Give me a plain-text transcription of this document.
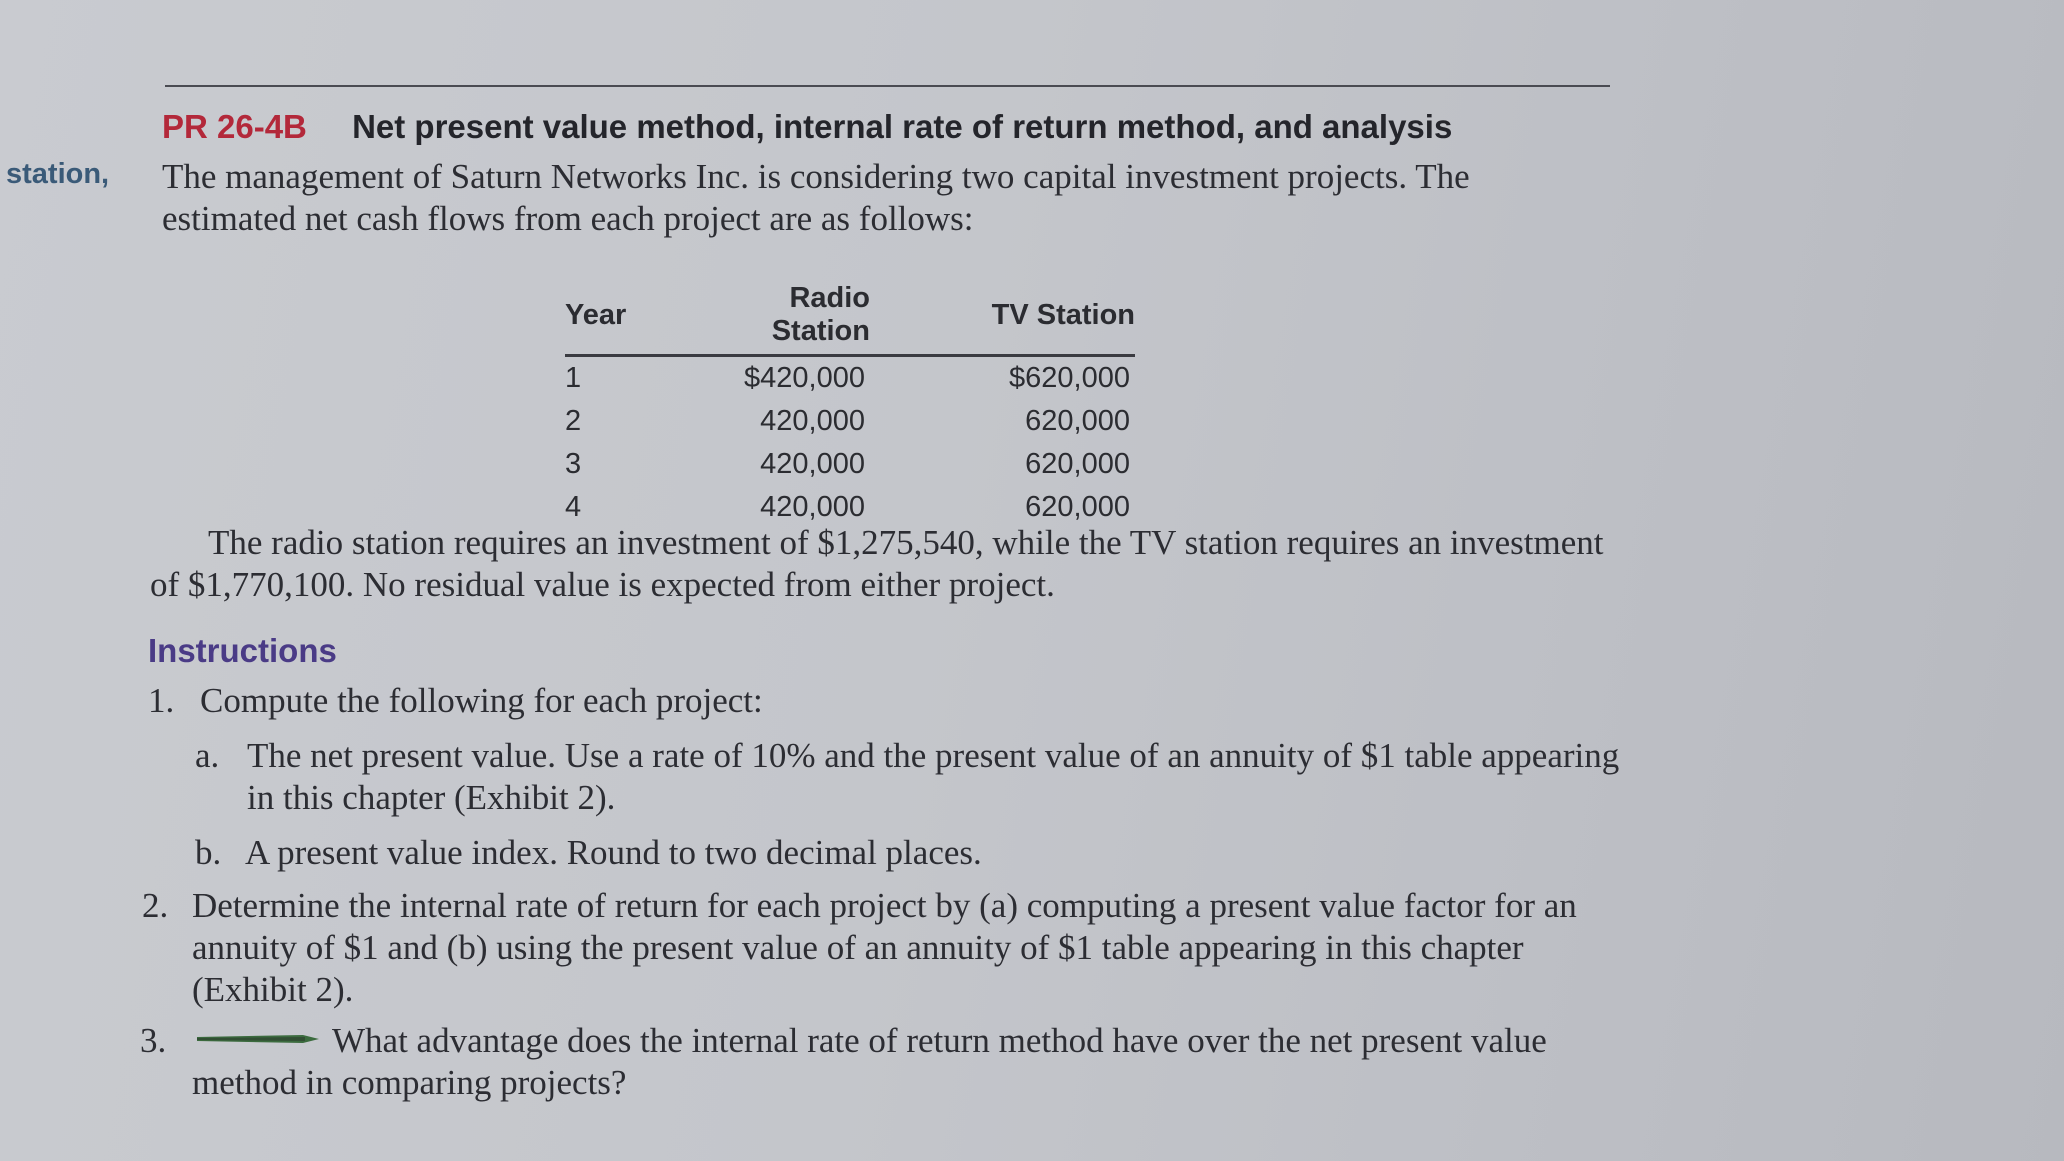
station,
PR 26-4B Net present value method, internal rate of return method, and analysis
The management of Saturn Networks Inc. is considering two capital investment projects. The estimated net cash flows from each project are as follows:
Year	Radio Station	TV Station
1	$420,000	$620,000
2	420,000	620,000
3	420,000	620,000
4	420,000	620,000
The radio station requires an investment of $1,275,540, while the TV station requires an investment of $1,770,100. No residual value is expected from either project.
Instructions
1. Compute the following for each project:
a. The net present value. Use a rate of 10% and the present value of an annuity of $1 table appearing in this chapter (Exhibit 2).
b. A present value index. Round to two decimal places.
2. Determine the internal rate of return for each project by (a) computing a present value factor for an annuity of $1 and (b) using the present value of an annuity of $1 table appearing in this chapter (Exhibit 2).
3.	What advantage does the internal rate of return method have over the net present value method in comparing projects?
